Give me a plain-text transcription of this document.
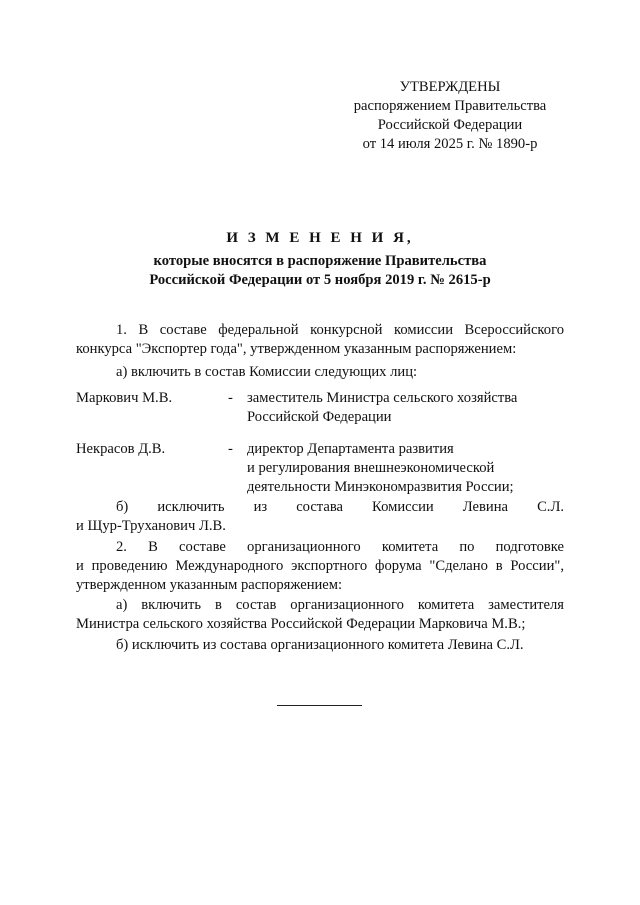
УТВЕРЖДЕНЫ
распоряжением Правительства
Российской Федерации
от 14 июля 2025 г. № 1890-р
И З М Е Н Е Н И Я,
которые вносятся в распоряжение Правительства
Российской Федерации от 5 ноября 2019 г. № 2615-р
1. В составе федеральной конкурсной комиссии Всероссийского
конкурса "Экспортер года", утвержденном указанным распоряжением:
а) включить в состав Комиссии следующих лиц:
Маркович М.В.	- заместитель Министра сельского хозяйства
Российской Федерации
Некрасов Д.В.	- директор Департамента развития
и регулирования внешнеэкономической
деятельности Минэкономразвития России;
б) исключить из состава Комиссии Левина С.Л.
и Щур-Труханович Л.В.
2. В составе организационного комитета по подготовке
и проведению Международного экспортного форума "Сделано в России",
утвержденном указанным распоряжением:
а) включить в состав организационного комитета заместителя
Министра сельского хозяйства Российской Федерации Марковича М.В.;
б) исключить из состава организационного комитета Левина С.Л.
